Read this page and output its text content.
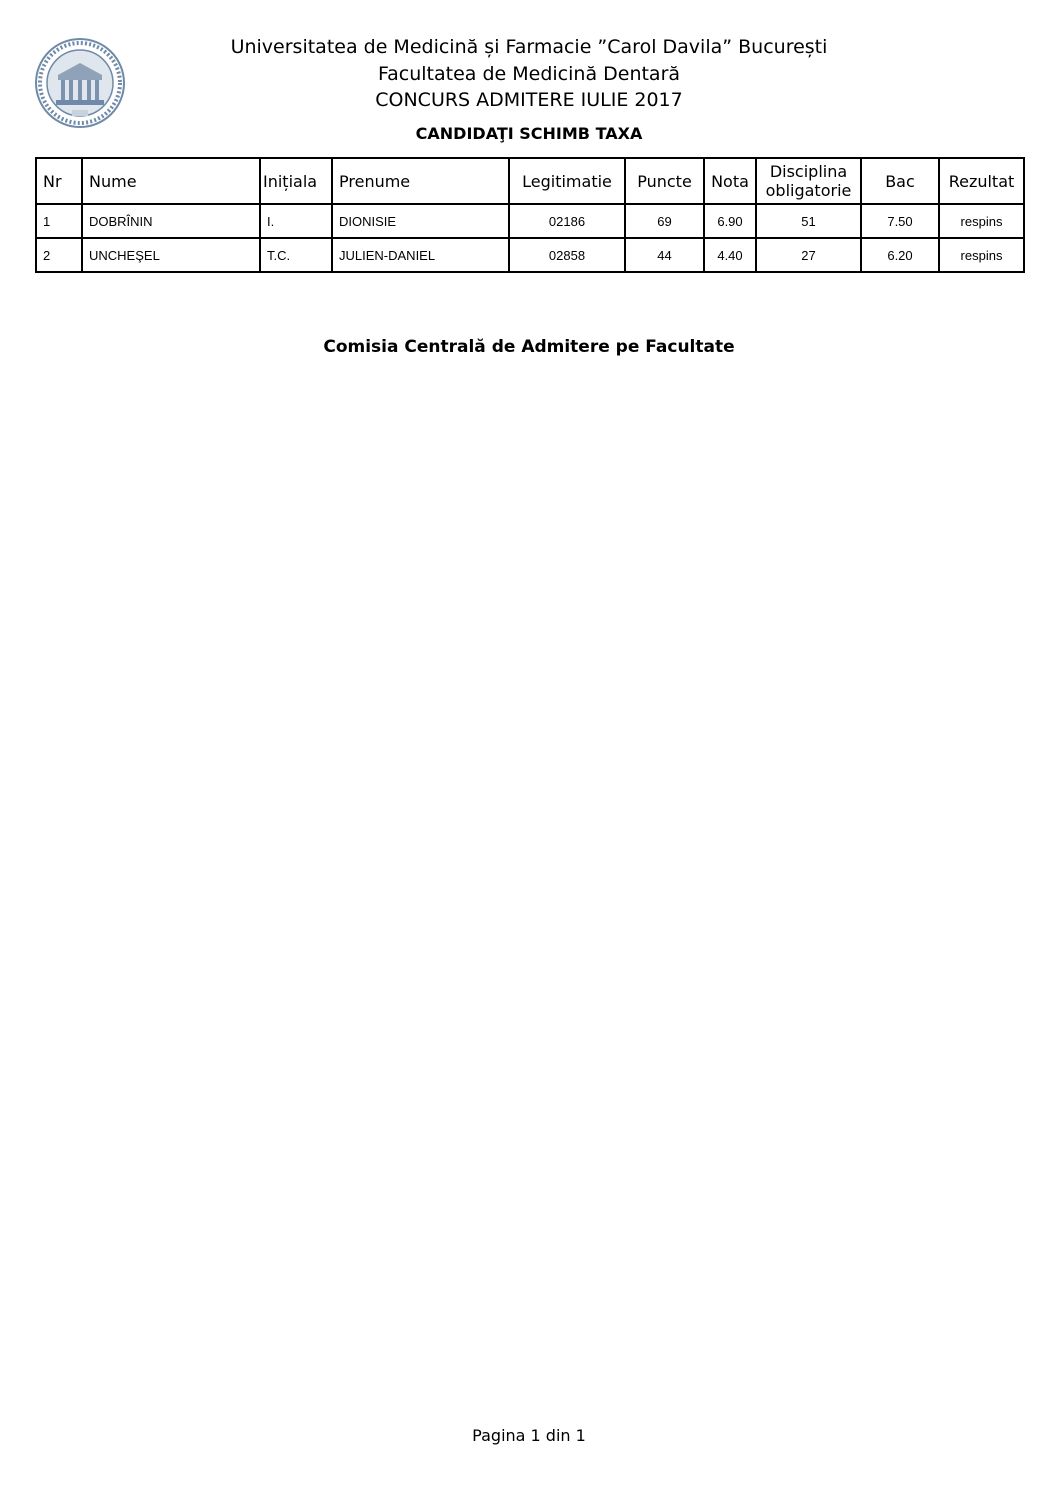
Universitatea de Medicină și Farmacie ”Carol Davila” București
Facultatea de Medicină Dentară
CONCURS ADMITERE IULIE 2017
CANDIDAŢI SCHIMB TAXA
Nr	Nume	Inițiala	Prenume	Legitimatie	Puncte	Nota	Disciplina obligatorie	Bac	Rezultat
1	DOBRÎNIN	I.	DIONISIE	02186	69	6.90	51	7.50	respins
2	UNCHEŞEL	T.C.	JULIEN-DANIEL	02858	44	4.40	27	6.20	respins
Comisia Centrală de Admitere pe Facultate
Pagina 1 din 1
